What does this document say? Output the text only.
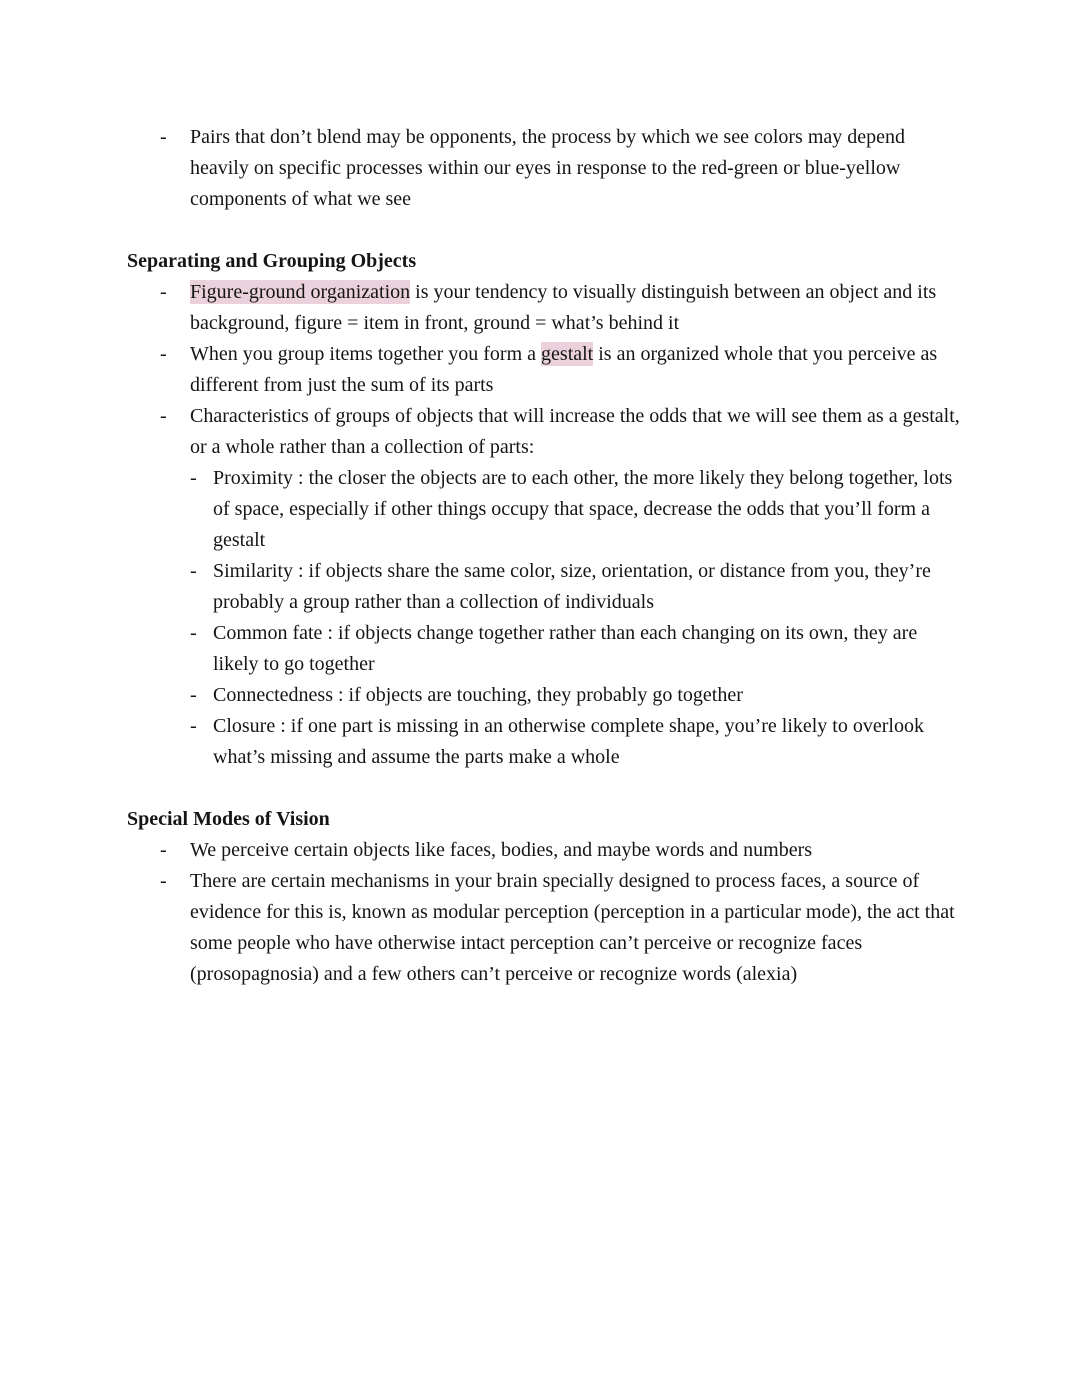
-	Pairs that don’t blend may be opponents, the process by which we see colors may depend heavily on specific processes within our eyes in response to the red-green or blue-yellow components of what we see
Separating and Grouping Objects
-	Figure-ground organization is your tendency to visually distinguish between an object and its background, figure = item in front, ground = what’s behind it
-	When you group items together you form a gestalt is an organized whole that you perceive as different from just the sum of its parts
-	Characteristics of groups of objects that will increase the odds that we will see them as a gestalt, or a whole rather than a collection of parts:
- Proximity : the closer the objects are to each other, the more likely they belong together, lots of space, especially if other things occupy that space, decrease the odds that you’ll form a gestalt
- Similarity : if objects share the same color, size, orientation, or distance from you, they’re probably a group rather than a collection of individuals
- Common fate : if objects change together rather than each changing on its own, they are likely to go together
- Connectedness : if objects are touching, they probably go together
- Closure : if one part is missing in an otherwise complete shape, you’re likely to overlook what’s missing and assume the parts make a whole
Special Modes of Vision
-	We perceive certain objects like faces, bodies, and maybe words and numbers
-	There are certain mechanisms in your brain specially designed to process faces, a source of evidence for this is, known as modular perception (perception in a particular mode), the act that some people who have otherwise intact perception can’t perceive or recognize faces (prosopagnosia) and a few others can’t perceive or recognize words (alexia)
